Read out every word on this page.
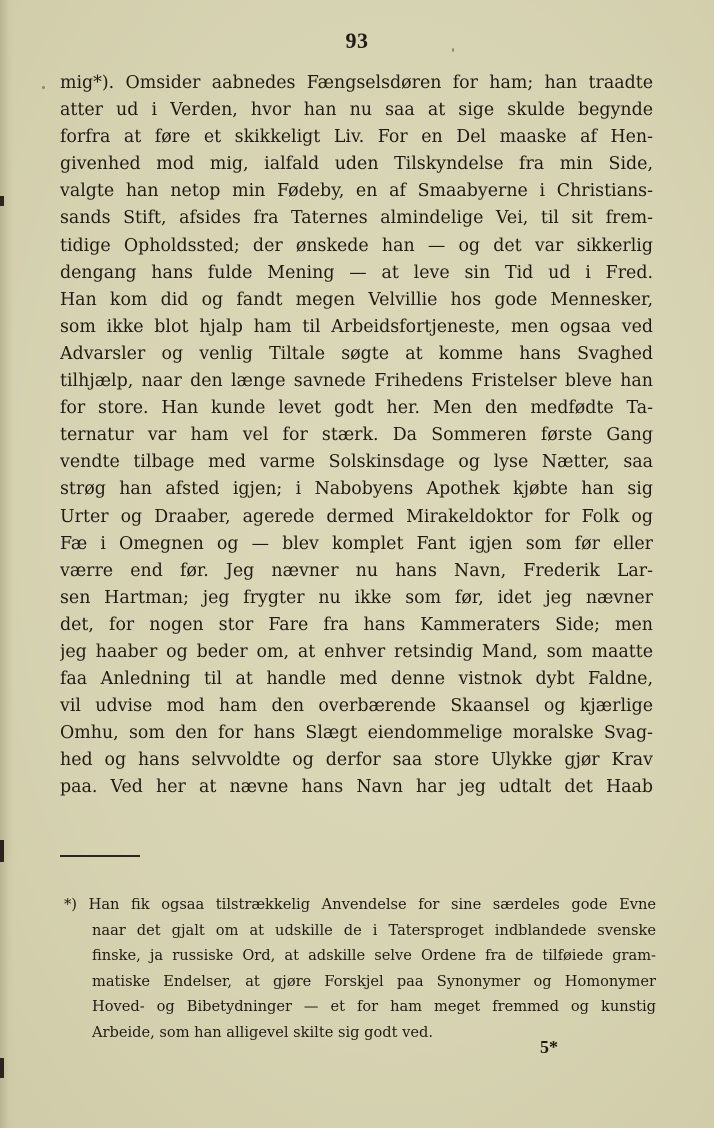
93
mig*). Omsider aabnedes Fængselsdøren for ham; han traadte
atter ud i Verden, hvor han nu saa at sige skulde begynde
forfra at føre et skikkeligt Liv. For en Del maaske af Hen-
givenhed mod mig, ialfald uden Tilskyndelse fra min Side,
valgte han netop min Fødeby, en af Smaabyerne i Christians-
sands Stift, afsides fra Taternes almindelige Vei, til sit frem-
tidige Opholdssted; der ønskede han — og det var sikkerlig
dengang hans fulde Mening — at leve sin Tid ud i Fred.
Han kom did og fandt megen Velvillie hos gode Mennesker,
som ikke blot hjalp ham til Arbeidsfortjeneste, men ogsaa ved
Advarsler og venlig Tiltale søgte at komme hans Svaghed
tilhjælp, naar den længe savnede Frihedens Fristelser bleve han
for store. Han kunde levet godt her. Men den medfødte Ta-
ternatur var ham vel for stærk. Da Sommeren første Gang
vendte tilbage med varme Solskinsdage og lyse Nætter, saa
strøg han afsted igjen; i Nabobyens Apothek kjøbte han sig
Urter og Draaber, agerede dermed Mirakeldoktor for Folk og
Fæ i Omegnen og — blev komplet Fant igjen som før eller
værre end før. Jeg nævner nu hans Navn, Frederik Lar-
sen Hartman; jeg frygter nu ikke som før, idet jeg nævner
det, for nogen stor Fare fra hans Kammeraters Side; men
jeg haaber og beder om, at enhver retsindig Mand, som maatte
faa Anledning til at handle med denne vistnok dybt Faldne,
vil udvise mod ham den overbærende Skaansel og kjærlige
Omhu, som den for hans Slægt eiendommelige moralske Svag-
hed og hans selvvoldte og derfor saa store Ulykke gjør Krav
paa. Ved her at nævne hans Navn har jeg udtalt det Haab
*) Han fik ogsaa tilstrækkelig Anvendelse for sine særdeles gode Evne
naar det gjalt om at udskille de i Tatersproget indblandede svenske
finske, ja russiske Ord, at adskille selve Ordene fra de tilføiede gram-
matiske Endelser, at gjøre Forskjel paa Synonymer og Homonymer
Hoved- og Bibetydninger — et for ham meget fremmed og kunstig
Arbeide, som han alligevel skilte sig godt ved.
5*
